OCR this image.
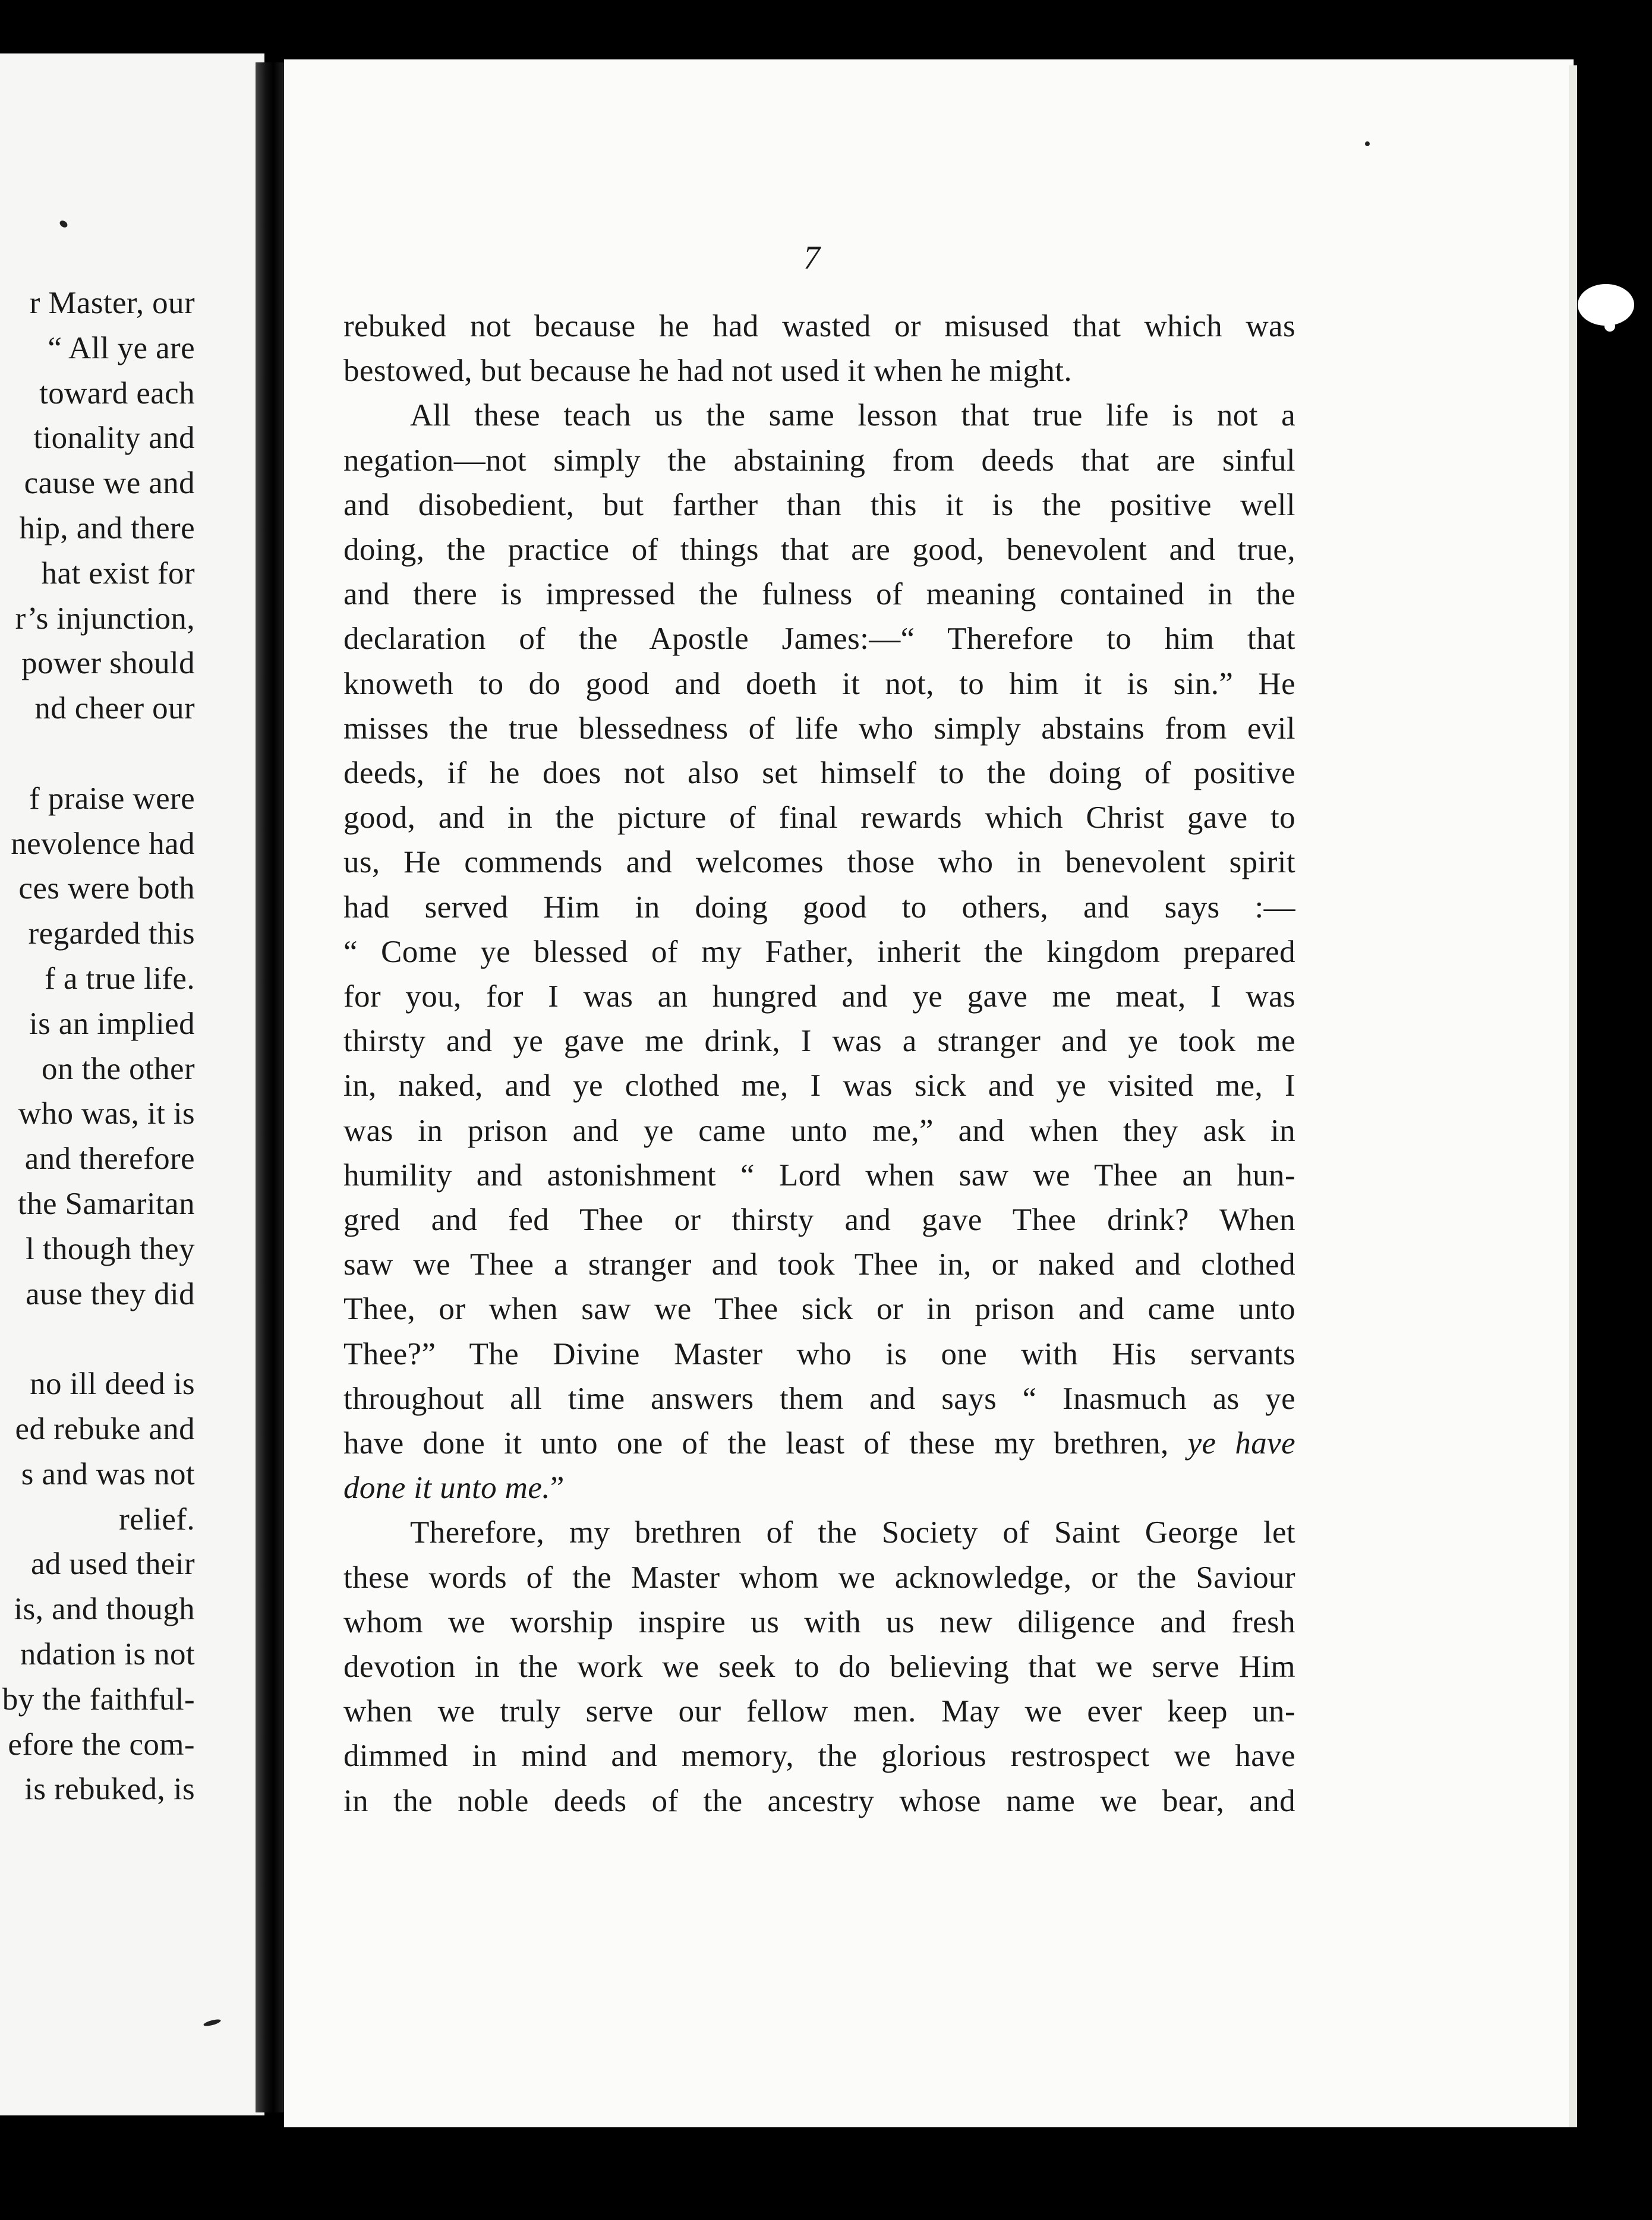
7
r Master, our
“ All ye are
toward each
tionality and
cause we and
hip, and there
hat exist for
r’s injunction,
power should
nd cheer our
f praise were
nevolence had
ces were both
regarded this
f a true life.
is an implied
on the other
who was, it is
and therefore
the Samaritan
l though they
ause they did
no ill deed is
ed rebuke and
s and was not
relief.
ad used their
is, and though
ndation is not
by the faithful-
efore the com-
is rebuked, is
rebuked not because he had wasted or misused that which was
bestowed, but because he had not used it when he might.
All these teach us the same lesson that true life is not a
negation—not simply the abstaining from deeds that are sinful
and disobedient, but farther than this it is the positive well
doing, the practice of things that are good, benevolent and true,
and there is impressed the fulness of meaning contained in the
declaration of the Apostle James:—“ Therefore to him that
knoweth to do good and doeth it not, to him it is sin.” He
misses the true blessedness of life who simply abstains from evil
deeds, if he does not also set himself to the doing of positive
good, and in the picture of final rewards which Christ gave to
us, He commends and welcomes those who in benevolent spirit
had served Him in doing good to others, and says :—
“ Come ye blessed of my Father, inherit the kingdom prepared
for you, for I was an hungred and ye gave me meat, I was
thirsty and ye gave me drink, I was a stranger and ye took me
in, naked, and ye clothed me, I was sick and ye visited me, I
was in prison and ye came unto me,” and when they ask in
humility and astonishment “ Lord when saw we Thee an hun-
gred and fed Thee or thirsty and gave Thee drink? When
saw we Thee a stranger and took Thee in, or naked and clothed
Thee, or when saw we Thee sick or in prison and came unto
Thee?” The Divine Master who is one with His servants
throughout all time answers them and says “ Inasmuch as ye
have done it unto one of the least of these my brethren, ye have
done it unto me.”
Therefore, my brethren of the Society of Saint George let
these words of the Master whom we acknowledge, or the Saviour
whom we worship inspire us with us new diligence and fresh
devotion in the work we seek to do believing that we serve Him
when we truly serve our fellow men. May we ever keep un-
dimmed in mind and memory, the glorious restrospect we have
in the noble deeds of the ancestry whose name we bear, and
